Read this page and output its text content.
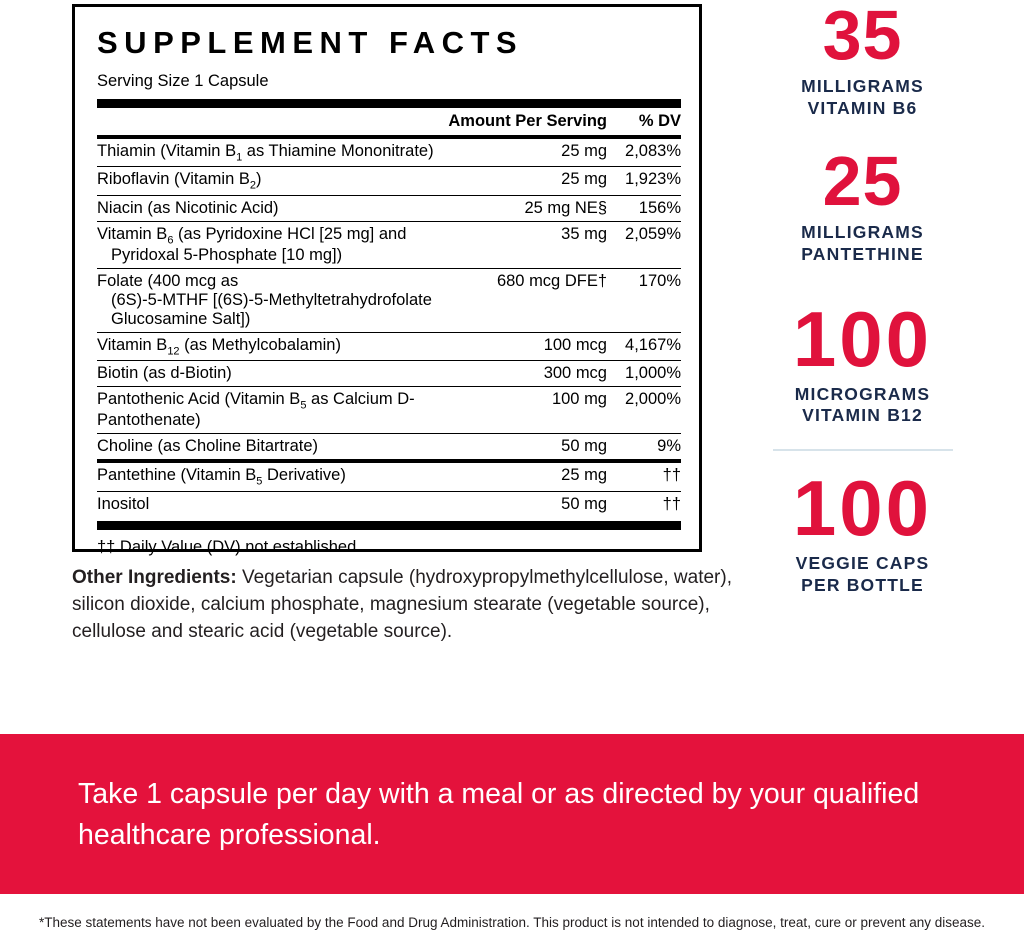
SUPPLEMENT FACTS
Serving Size 1 Capsule
	Amount Per Serving	% DV
Thiamin (Vitamin $B_1$ as Thiamine Mononitrate)	25 mg	2,083%
Riboflavin (Vitamin $B_2$)	25 mg	1,923%
Niacin (as Nicotinic Acid)	25 mg NE§	156%
Vitamin $B_6$ (as Pyridoxine HCl [25 mg] and
Pyridoxal 5-Phosphate [10 mg])	35 mg	2,059%
Folate (400 mcg as
(6S)-5-MTHF [(6S)-5-Methyltetrahydrofolate Glucosamine Salt])	680 mcg DFE†	170%
Vitamin $B_{12}$ (as Methylcobalamin)	100 mcg	4,167%
Biotin (as d-Biotin)	300 mcg	1,000%
Pantothenic Acid (Vitamin $B_5$ as Calcium D-Pantothenate)	100 mg	2,000%
Choline (as Choline Bitartrate)	50 mg	9%
Pantethine (Vitamin $B_5$ Derivative)	25 mg	††
Inositol	50 mg	††
†† Daily Value (DV) not established.
Other Ingredients: Vegetarian capsule (hydroxypropylmethylcellulose, water), silicon dioxide, calcium phosphate, magnesium stearate (vegetable source), cellulose and stearic acid (vegetable source).
35
MILLIGRAMS
VITAMIN B6
25
MILLIGRAMS
PANTETHINE
100
MICROGRAMS
VITAMIN B12
100
VEGGIE CAPS
PER BOTTLE

Take 1 capsule per day with a meal or as directed by your qualified healthcare professional.

*These statements have not been evaluated by the Food and Drug Administration. This product is not intended to diagnose, treat, cure or prevent any disease.
